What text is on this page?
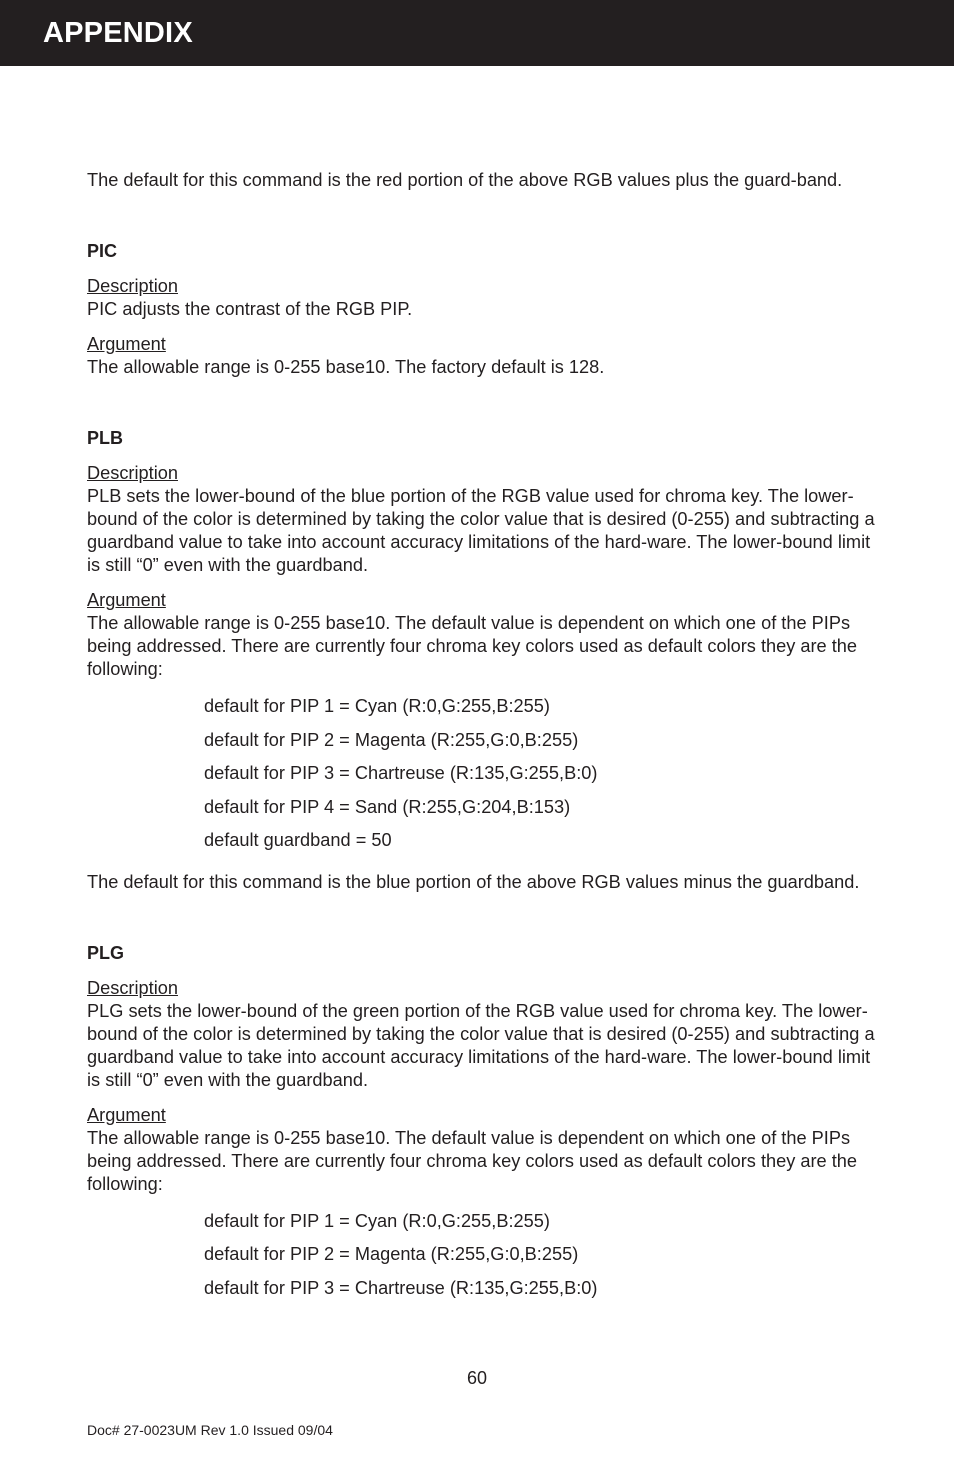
APPENDIX

The default for this command is the red portion of the above RGB values plus the guard-band.

PIC

Description
PIC adjusts the contrast of the RGB PIP.

Argument
The allowable range is 0-255 base10. The factory default is 128.

PLB

Description
PLB sets the lower-bound of the blue portion of the RGB value used for chroma key. The lower-bound of the color is determined by taking the color value that is desired (0-255) and subtracting a guardband value to take into account accuracy limitations of the hard-ware. The lower-bound limit is still “0” even with the guardband.

Argument
The allowable range is 0-255 base10. The default value is dependent on which one of the PIPs being addressed. There are currently four chroma key colors used as default colors they are the following:

default for PIP 1 = Cyan (R:0,G:255,B:255)
default for PIP 2 = Magenta (R:255,G:0,B:255)
default for PIP 3 = Chartreuse (R:135,G:255,B:0)
default for PIP 4 = Sand (R:255,G:204,B:153)
default guardband = 50

The default for this command is the blue portion of the above RGB values minus the guardband.

PLG

Description
PLG sets the lower-bound of the green portion of the RGB value used for chroma key. The lower-bound of the color is determined by taking the color value that is desired (0-255) and subtracting a guardband value to take into account accuracy limitations of the hard-ware. The lower-bound limit is still “0” even with the guardband.

Argument
The allowable range is 0-255 base10. The default value is dependent on which one of the PIPs being addressed. There are currently four chroma key colors used as default colors they are the following:

default for PIP 1 = Cyan (R:0,G:255,B:255)
default for PIP 2 = Magenta (R:255,G:0,B:255)
default for PIP 3 = Chartreuse (R:135,G:255,B:0)
60
Doc# 27-0023UM Rev 1.0 Issued 09/04
